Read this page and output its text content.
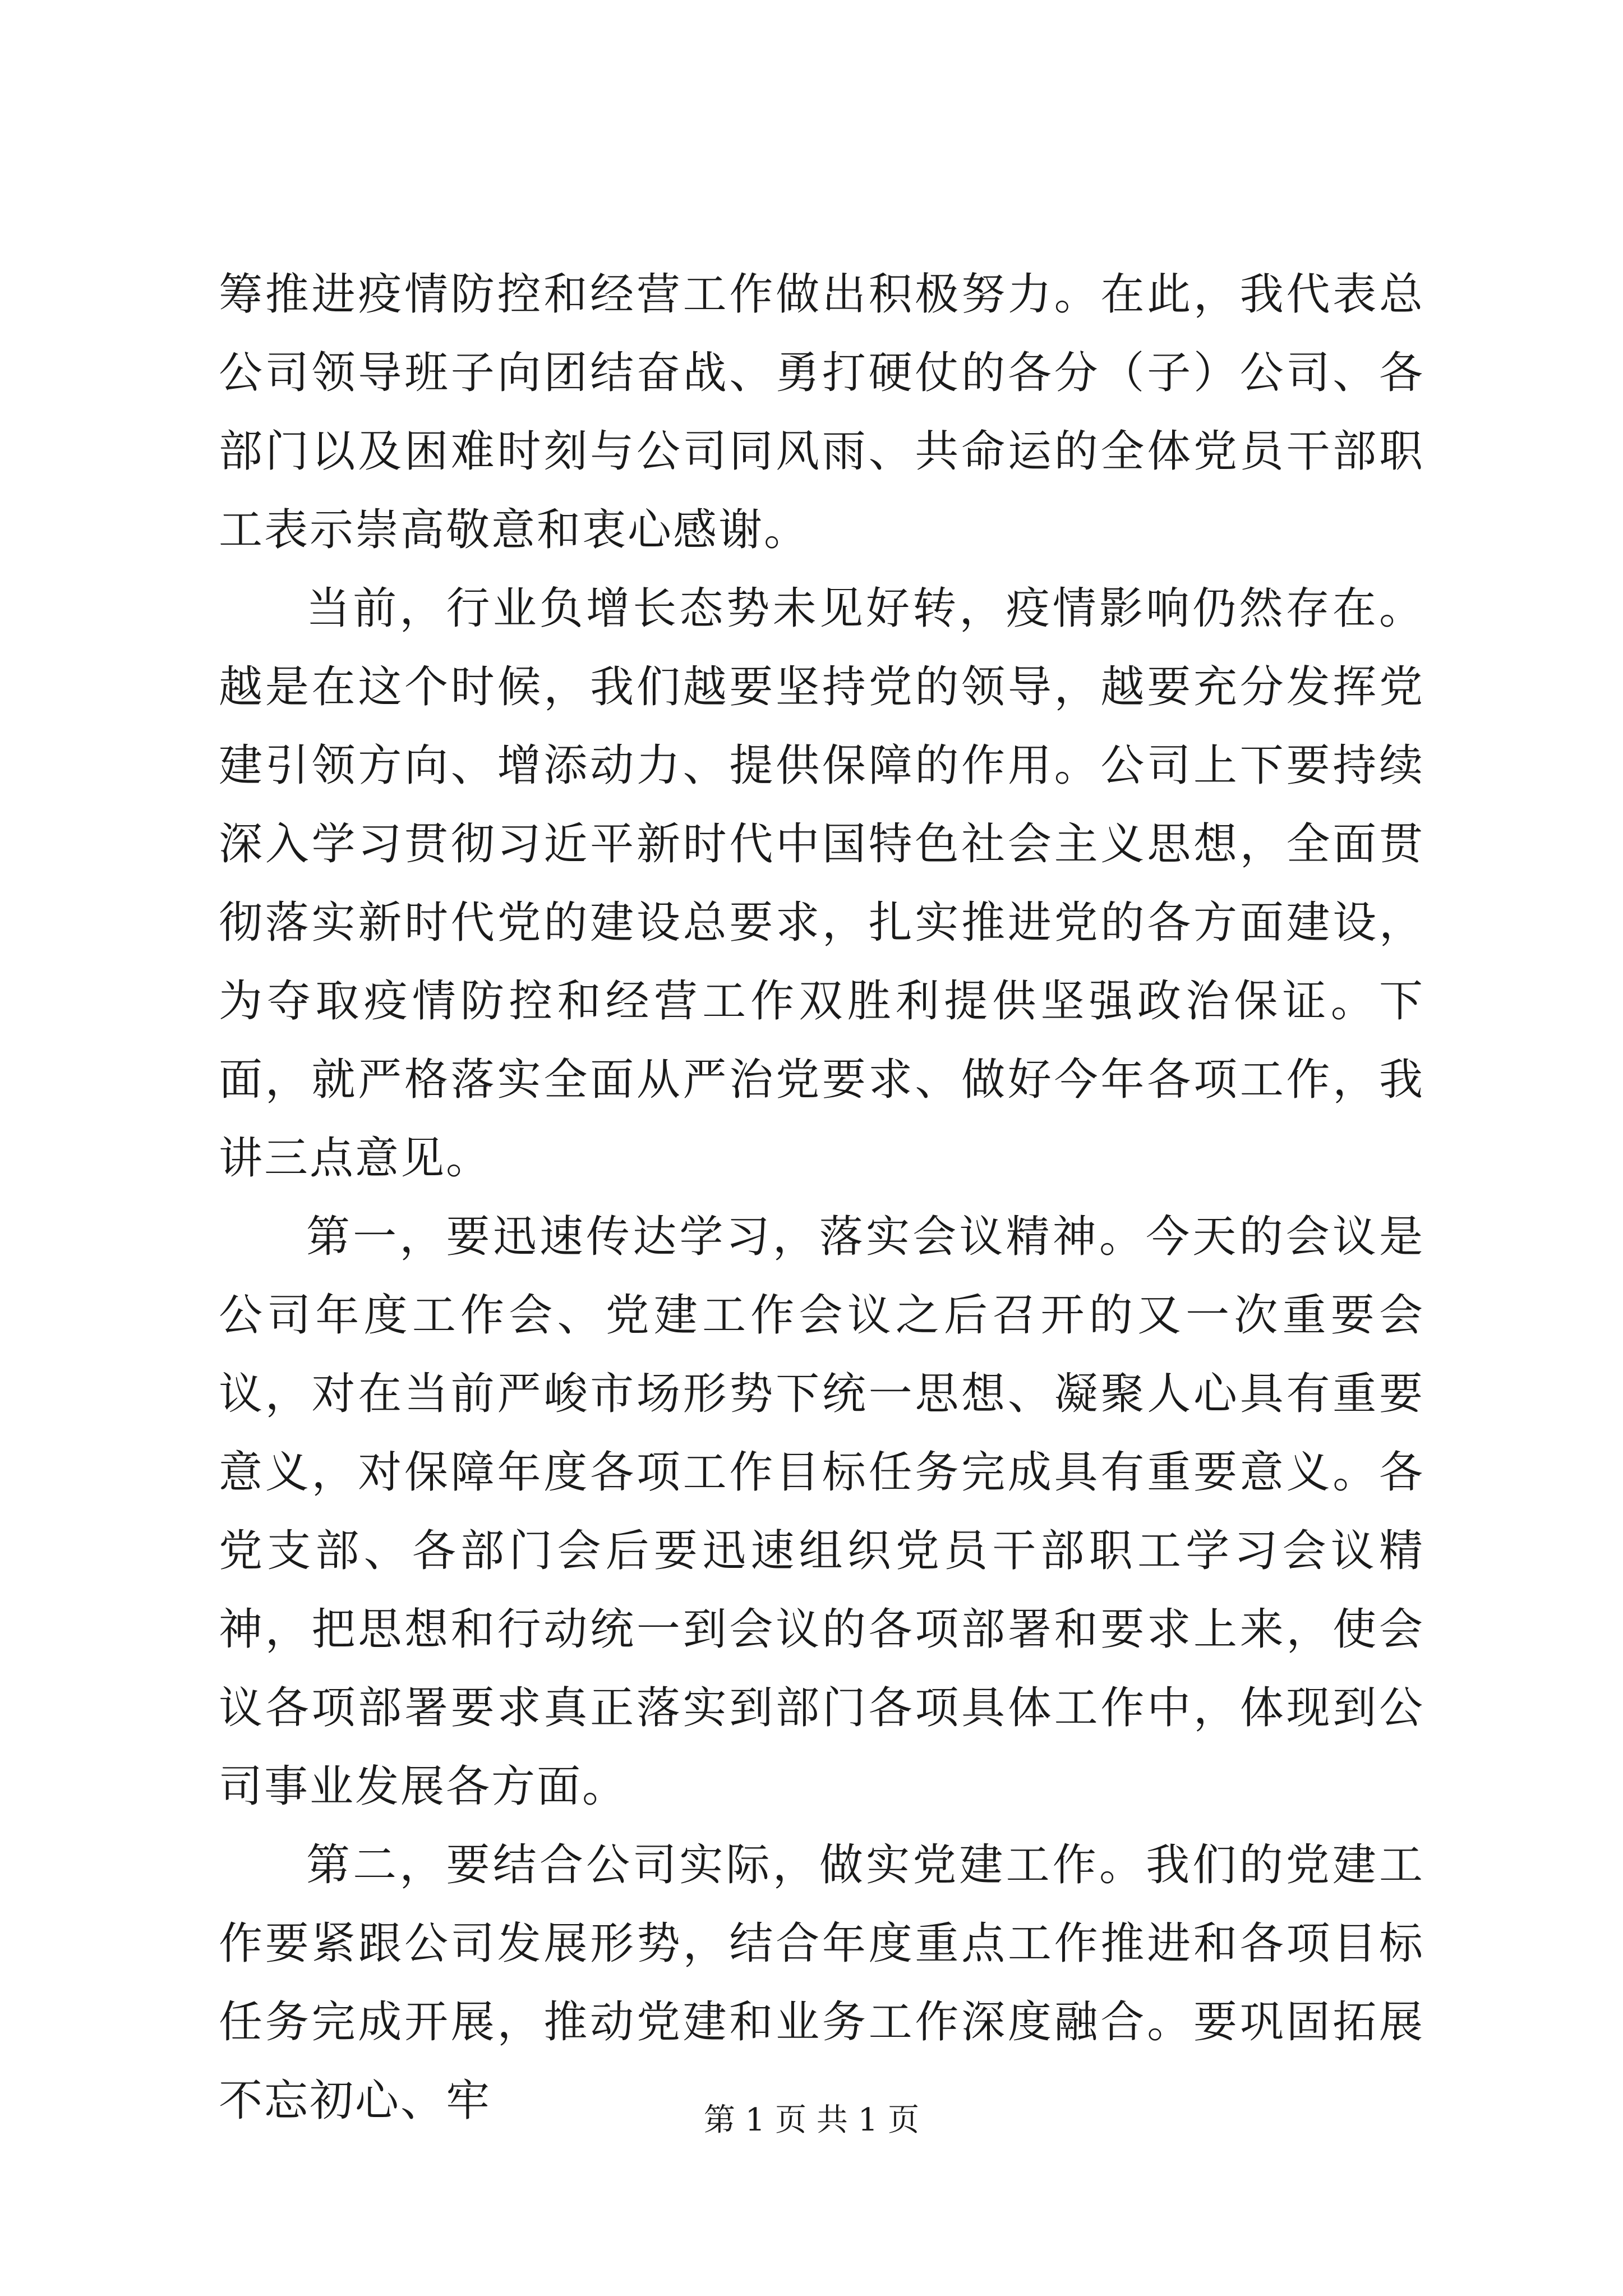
筹推进疫情防控和经营工作做出积极努力。在此，我代表总公司领导班子向团结奋战、勇打硬仗的各分（子）公司、各部门以及困难时刻与公司同风雨、共命运的全体党员干部职工表示崇高敬意和衷心感谢。

当前，行业负增长态势未见好转，疫情影响仍然存在。越是在这个时候，我们越要坚持党的领导，越要充分发挥党建引领方向、增添动力、提供保障的作用。公司上下要持续深入学习贯彻习近平新时代中国特色社会主义思想，全面贯彻落实新时代党的建设总要求，扎实推进党的各方面建设，为夺取疫情防控和经营工作双胜利提供坚强政治保证。下面，就严格落实全面从严治党要求、做好今年各项工作，我讲三点意见。

第一，要迅速传达学习，落实会议精神。今天的会议是公司年度工作会、党建工作会议之后召开的又一次重要会议，对在当前严峻市场形势下统一思想、凝聚人心具有重要意义，对保障年度各项工作目标任务完成具有重要意义。各党支部、各部门会后要迅速组织党员干部职工学习会议精神，把思想和行动统一到会议的各项部署和要求上来，使会议各项部署要求真正落实到部门各项具体工作中，体现到公司事业发展各方面。

第二，要结合公司实际，做实党建工作。我们的党建工作要紧跟公司发展形势，结合年度重点工作推进和各项目标任务完成开展，推动党建和业务工作深度融合。要巩固拓展不忘初心、牢	第 1 页 共 1 页
